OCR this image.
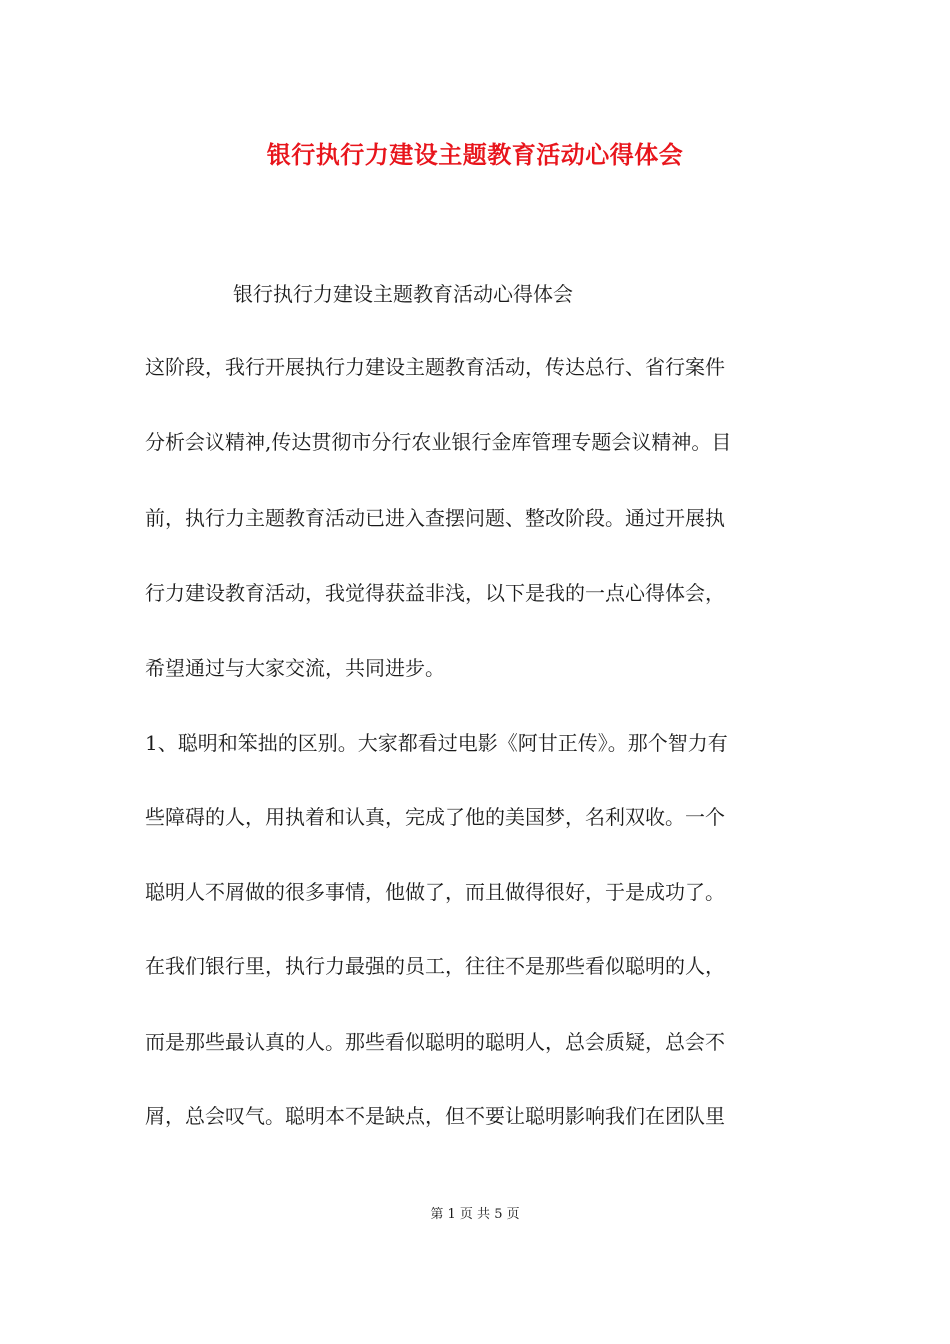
银行执行力建设主题教育活动心得体会

银行执行力建设主题教育活动心得体会

这阶段，我行开展执行力建设主题教育活动，传达总行、省行案件

分析会议精神,传达贯彻市分行农业银行金库管理专题会议精神。目

前，执行力主题教育活动已进入查摆问题、整改阶段。通过开展执

行力建设教育活动，我觉得获益非浅，以下是我的一点心得体会，

希望通过与大家交流，共同进步。

1、聪明和笨拙的区别。大家都看过电影《阿甘正传》。那个智力有

些障碍的人，用执着和认真，完成了他的美国梦，名利双收。一个

聪明人不屑做的很多事情，他做了，而且做得很好，于是成功了。

在我们银行里，执行力最强的员工，往往不是那些看似聪明的人，

而是那些最认真的人。那些看似聪明的聪明人，总会质疑，总会不

屑，总会叹气。聪明本不是缺点，但不要让聪明影响我们在团队里

第 1 页 共 5 页
